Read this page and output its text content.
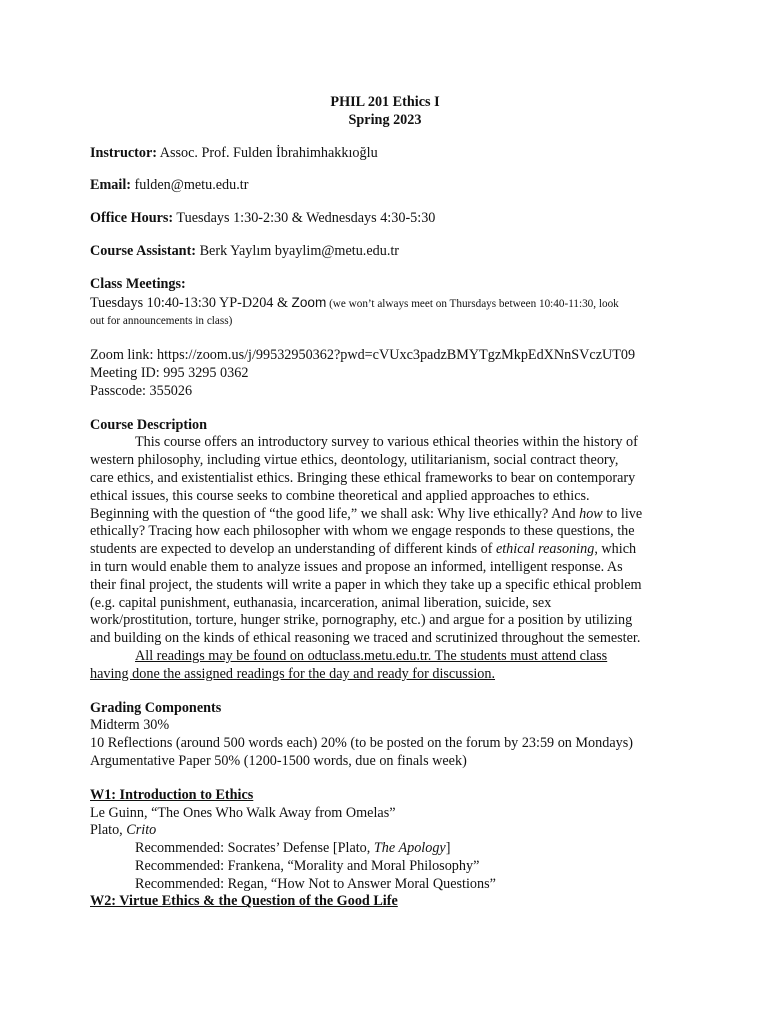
PHIL 201 Ethics I
Spring 2023
Instructor: Assoc. Prof. Fulden İbrahimhakkıoğlu
Email: fulden@metu.edu.tr
Office Hours: Tuesdays 1:30-2:30 & Wednesdays 4:30-5:30
Course Assistant: Berk Yaylım byaylim@metu.edu.tr
Class Meetings:
Tuesdays 10:40-13:30 YP-D204 & Zoom (we won’t always meet on Thursdays between 10:40-11:30, look
out for announcements in class)
Zoom link: https://zoom.us/j/99532950362?pwd=cVUxc3padzBMYTgzMkpEdXNnSVczUT09
Meeting ID: 995 3295 0362
Passcode: 355026
Course Description
This course offers an introductory survey to various ethical theories within the history of
western philosophy, including virtue ethics, deontology, utilitarianism, social contract theory,
care ethics, and existentialist ethics. Bringing these ethical frameworks to bear on contemporary
ethical issues, this course seeks to combine theoretical and applied approaches to ethics.
Beginning with the question of “the good life,” we shall ask: Why live ethically? And how to live
ethically? Tracing how each philosopher with whom we engage responds to these questions, the
students are expected to develop an understanding of different kinds of ethical reasoning, which
in turn would enable them to analyze issues and propose an informed, intelligent response. As
their final project, the students will write a paper in which they take up a specific ethical problem
(e.g. capital punishment, euthanasia, incarceration, animal liberation, suicide, sex
work/prostitution, torture, hunger strike, pornography, etc.) and argue for a position by utilizing
and building on the kinds of ethical reasoning we traced and scrutinized throughout the semester.
All readings may be found on odtuclass.metu.edu.tr. The students must attend class
having done the assigned readings for the day and ready for discussion.
Grading Components
Midterm 30%
10 Reflections (around 500 words each) 20% (to be posted on the forum by 23:59 on Mondays)
Argumentative Paper 50% (1200-1500 words, due on finals week)
W1: Introduction to Ethics
Le Guinn, “The Ones Who Walk Away from Omelas”
Plato, Crito
Recommended: Socrates’ Defense [Plato, The Apology]
Recommended: Frankena, “Morality and Moral Philosophy”
Recommended: Regan, “How Not to Answer Moral Questions”
W2: Virtue Ethics & the Question of the Good Life
